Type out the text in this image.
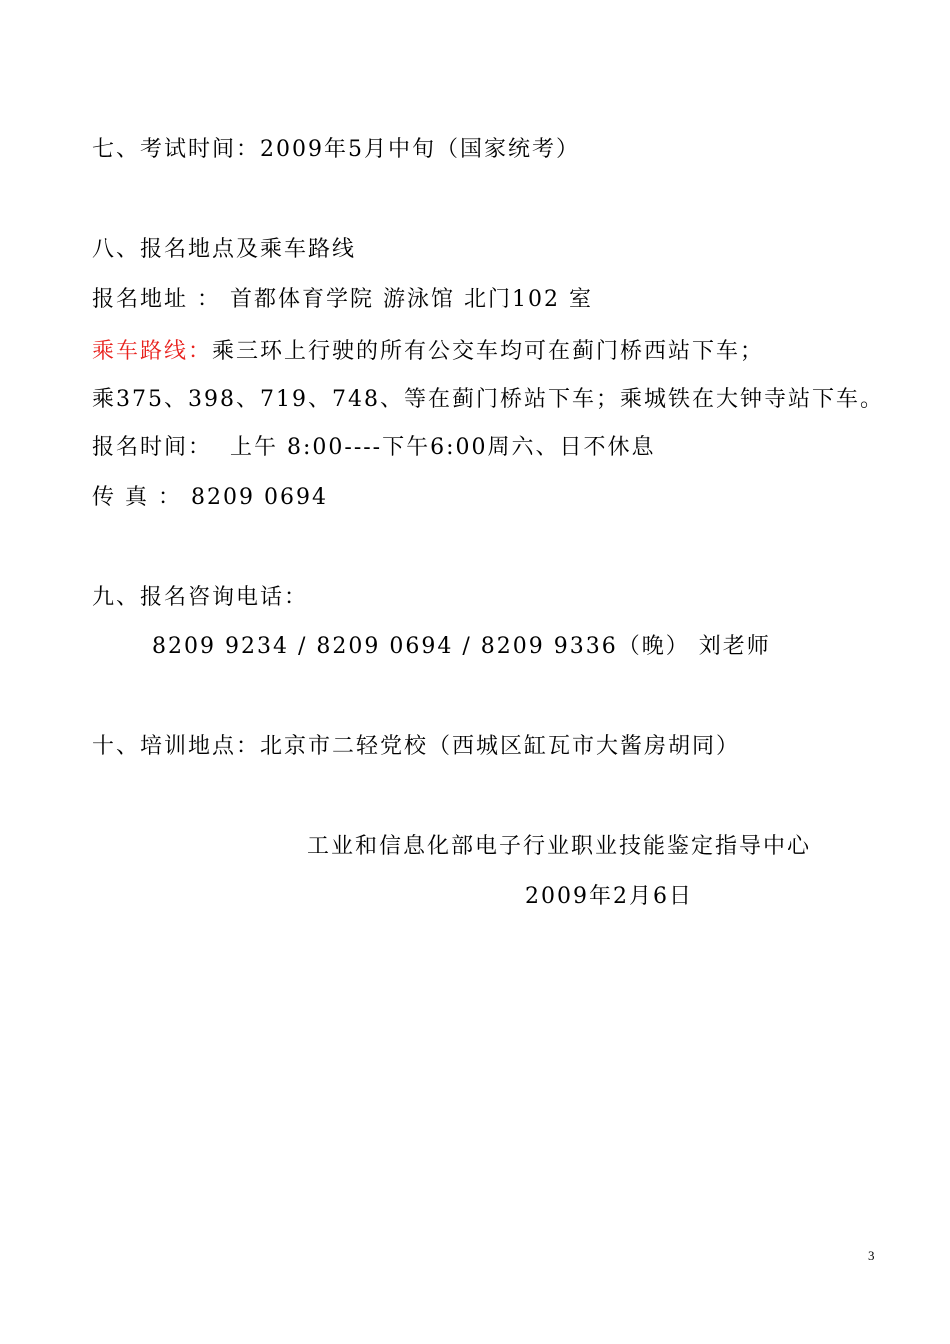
七、考试时间：2009年5月中旬（国家统考）
八、报名地点及乘车路线
报名地址 ： 首都体育学院 游泳馆 北门102 室
乘车路线：乘三环上行驶的所有公交车均可在蓟门桥西站下车；
乘375、398、719、748、等在蓟门桥站下车；乘城铁在大钟寺站下车。
报名时间：  上午 8:00----下午6:00周六、日不休息
传 真 ： 8209 0694
九、报名咨询电话：
8209 9234 / 8209 0694 / 8209 9336（晚） 刘老师
十、培训地点：北京市二轻党校（西城区缸瓦市大酱房胡同）
工业和信息化部电子行业职业技能鉴定指导中心
2009年2月6日
3
